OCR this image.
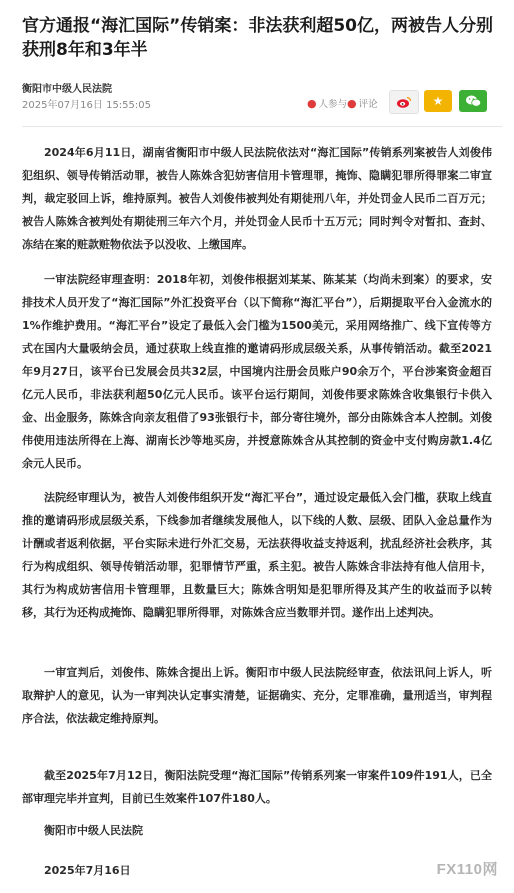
官方通报“海汇国际”传销案：非法获利超50亿，两被告人分别获刑8年和3年半
衡阳市中级人民法院
2025年07月16日 15:55:05	● 人参与 ● 评论	★

2024年6月11日，湖南省衡阳市中级人民法院依法对“海汇国际”传销系列案被告人刘俊伟犯组织、领导传销活动罪，被告人陈姝含犯妨害信用卡管理罪，掩饰、隐瞒犯罪所得罪案二审宣判，裁定驳回上诉，维持原判。被告人刘俊伟被判处有期徒刑八年，并处罚金人民币二百万元；被告人陈姝含被判处有期徒刑三年六个月，并处罚金人民币十五万元；同时判令对暂扣、查封、冻结在案的赃款赃物依法予以没收、上缴国库。

一审法院经审理查明：2018年初，刘俊伟根据刘某某、陈某某（均尚未到案）的要求，安排技术人员开发了“海汇国际”外汇投资平台（以下简称“海汇平台”），后期提取平台入金流水的1%作维护费用。“海汇平台”设定了最低入会门槛为1500美元，采用网络推广、线下宣传等方式在国内大量吸纳会员，通过获取上线直推的邀请码形成层级关系，从事传销活动。截至2021年9月27日，该平台已发展会员共32层，中国境内注册会员账户90余万个，平台涉案资金超百亿元人民币，非法获利超50亿元人民币。该平台运行期间，刘俊伟要求陈姝含收集银行卡供入金、出金服务，陈姝含向亲友租借了93张银行卡，部分寄往境外，部分由陈姝含本人控制。刘俊伟使用违法所得在上海、湖南长沙等地买房，并授意陈姝含从其控制的资金中支付购房款1.4亿余元人民币。

法院经审理认为，被告人刘俊伟组织开发“海汇平台”，通过设定最低入会门槛，获取上线直推的邀请码形成层级关系，下线参加者继续发展他人，以下线的人数、层级、团队入金总量作为计酬或者返利依据，平台实际未进行外汇交易，无法获得收益支持返利，扰乱经济社会秩序，其行为构成组织、领导传销活动罪，犯罪情节严重，系主犯。被告人陈姝含非法持有他人信用卡，其行为构成妨害信用卡管理罪，且数量巨大；陈姝含明知是犯罪所得及其产生的收益而予以转移，其行为还构成掩饰、隐瞒犯罪所得罪，对陈姝含应当数罪并罚。遂作出上述判决。

一审宣判后，刘俊伟、陈姝含提出上诉。衡阳市中级人民法院经审查，依法讯问上诉人，听取辩护人的意见，认为一审判决认定事实清楚，证据确实、充分，定罪准确，量刑适当，审判程序合法，依法裁定维持原判。

截至2025年7月12日，衡阳法院受理“海汇国际”传销系列案一审案件109件191人，已全部审理完毕并宣判，目前已生效案件107件180人。

衡阳市中级人民法院
2025年7月16日	FX110网
